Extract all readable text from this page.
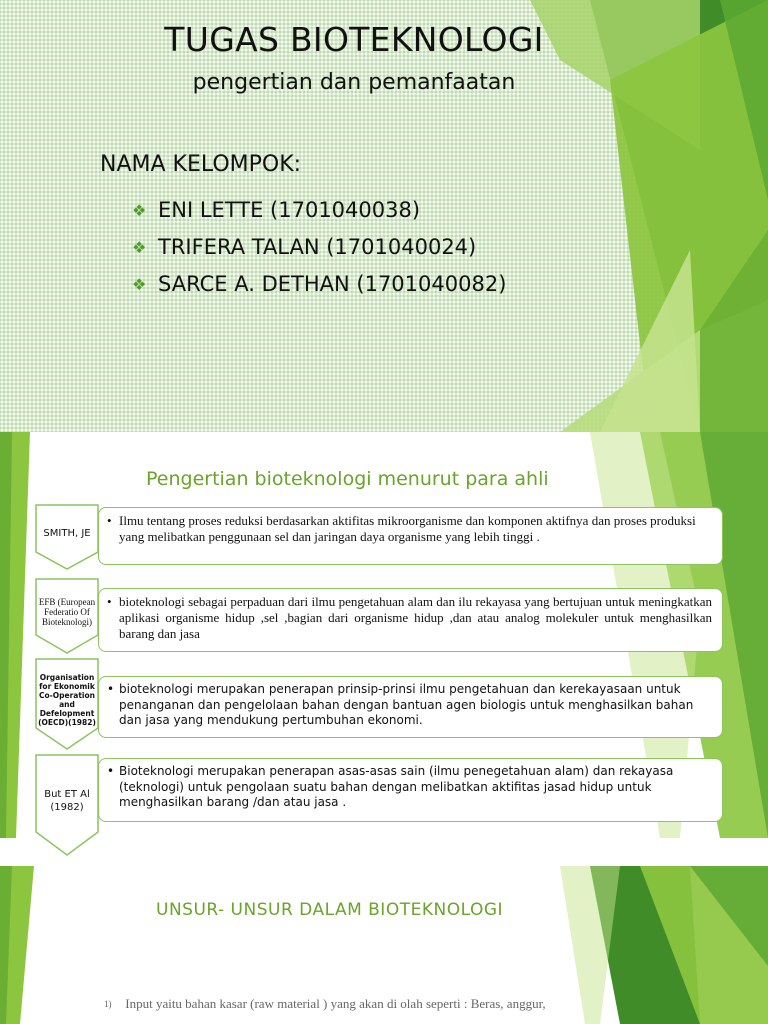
TUGAS BIOTEKNOLOGI
pengertian dan pemanfaatan
NAMA KELOMPOK:
❖ ENI LETTE (1701040038)
❖ TRIFERA TALAN (1701040024)
❖ SARCE A. DETHAN (1701040082)
Pengertian bioteknologi menurut para ahli
SMITH, JE
• Ilmu tentang proses reduksi berdasarkan aktifitas mikroorganisme dan komponen aktifnya dan proses produksi yang melibatkan penggunaan sel dan jaringan daya organisme yang lebih tinggi .
EFB (European Federatio Of Bioteknologi)
• bioteknologi sebagai perpaduan dari ilmu pengetahuan alam dan ilu rekayasa yang bertujuan untuk meningkatkan aplikasi organisme hidup ,sel ,bagian dari organisme hidup ,dan atau analog molekuler untuk menghasilkan barang dan jasa
Organisation for Ekonomik Co-Operation and Defelopment (OECD)(1982)
• bioteknologi merupakan penerapan prinsip-prinsi ilmu pengetahuan dan kerekayasaan untuk penanganan dan pengelolaan bahan dengan bantuan agen biologis untuk menghasilkan bahan dan jasa yang mendukung pertumbuhan ekonomi.
But ET Al (1982)
• Bioteknologi merupakan penerapan asas-asas sain (ilmu penegetahuan alam) dan rekayasa (teknologi) untuk pengolaan suatu bahan dengan melibatkan aktifitas jasad hidup untuk menghasilkan barang /dan atau jasa .
UNSUR- UNSUR DALAM BIOTEKNOLOGI
1) Input yaitu bahan kasar (raw material ) yang akan di olah seperti : Beras, anggur,
